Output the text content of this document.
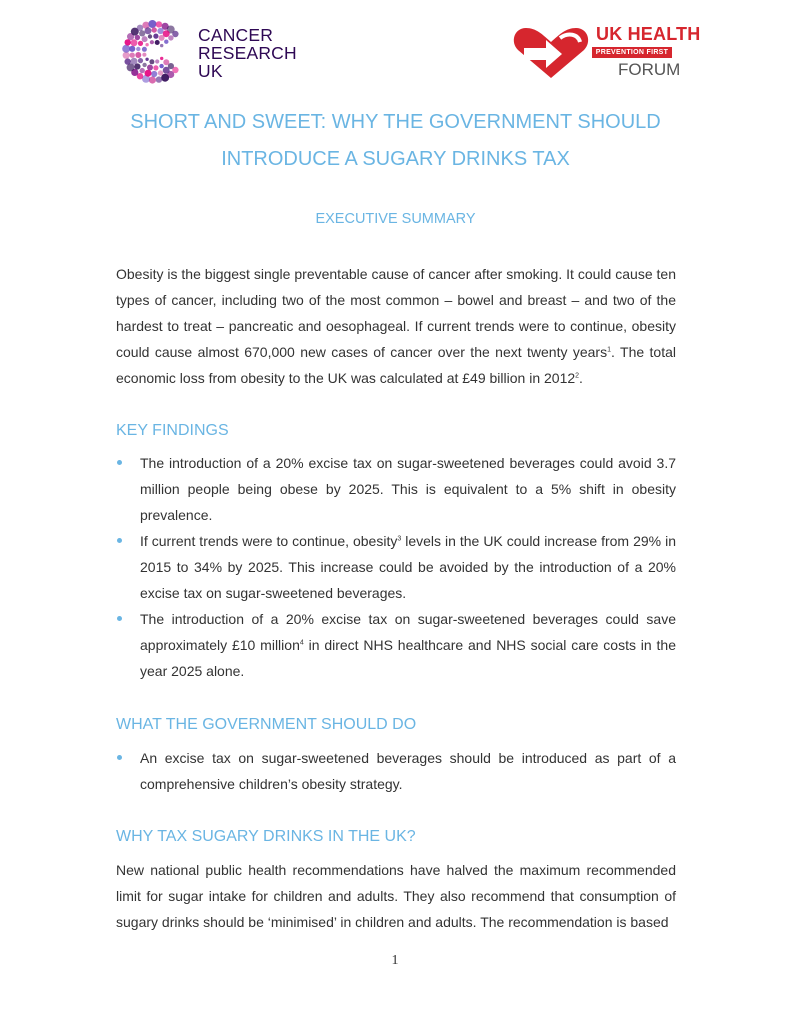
CANCER
RESEARCH
UK
UK HEALTH
PREVENTION FIRST
FORUM
SHORT AND SWEET: WHY THE GOVERNMENT SHOULD
INTRODUCE A SUGARY DRINKS TAX
EXECUTIVE SUMMARY
Obesity is the biggest single preventable cause of cancer after smoking. It could cause ten types of cancer, including two of the most common – bowel and breast – and two of the hardest to treat – pancreatic and oesophageal. If current trends were to continue, obesity could cause almost 670,000 new cases of cancer over the next twenty years$^1$. The total economic loss from obesity to the UK was calculated at £49 billion in 2012$^2$.
KEY FINDINGS
The introduction of a 20% excise tax on sugar-sweetened beverages could avoid 3.7 million people being obese by 2025. This is equivalent to a 5% shift in obesity prevalence.
If current trends were to continue, obesity$^3$ levels in the UK could increase from 29% in 2015 to 34% by 2025. This increase could be avoided by the introduction of a 20% excise tax on sugar-sweetened beverages.
The introduction of a 20% excise tax on sugar-sweetened beverages could save approximately £10 million$^4$ in direct NHS healthcare and NHS social care costs in the year 2025 alone.
WHAT THE GOVERNMENT SHOULD DO
An excise tax on sugar-sweetened beverages should be introduced as part of a comprehensive children’s obesity strategy.
WHY TAX SUGARY DRINKS IN THE UK?
New national public health recommendations have halved the maximum recommended limit for sugar intake for children and adults. They also recommend that consumption of sugary drinks should be ‘minimised’ in children and adults. The recommendation is based
1
